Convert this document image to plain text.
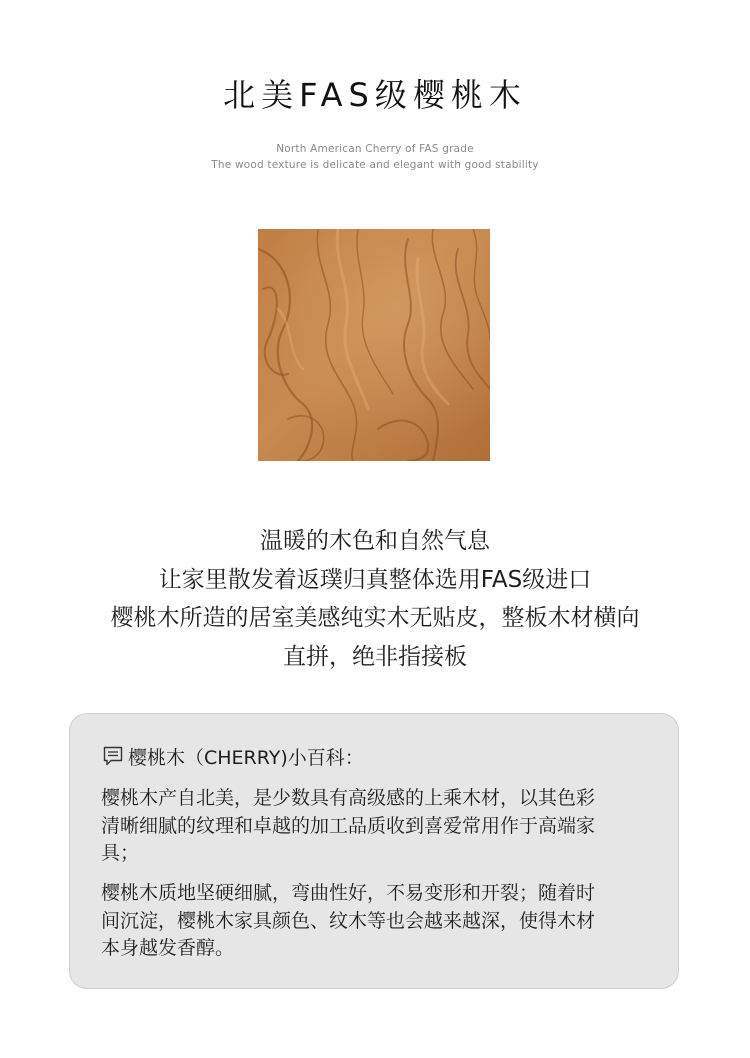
北美FAS级樱桃木
North American Cherry of FAS grade
The wood texture is delicate and elegant with good stability
温暖的木色和自然气息
让家里散发着返璞归真整体选用FAS级进口
樱桃木所造的居室美感纯实木无贴皮，整板木材横向
直拼，绝非指接板
樱桃木（CHERRY)小百科：
樱桃木产自北美，是少数具有高级感的上乘木材，以其色彩
清晰细腻的纹理和卓越的加工品质收到喜爱常用作于高端家
具；
樱桃木质地坚硬细腻，弯曲性好，不易变形和开裂；随着时
间沉淀，樱桃木家具颜色、纹木等也会越来越深，使得木材
本身越发香醇。
